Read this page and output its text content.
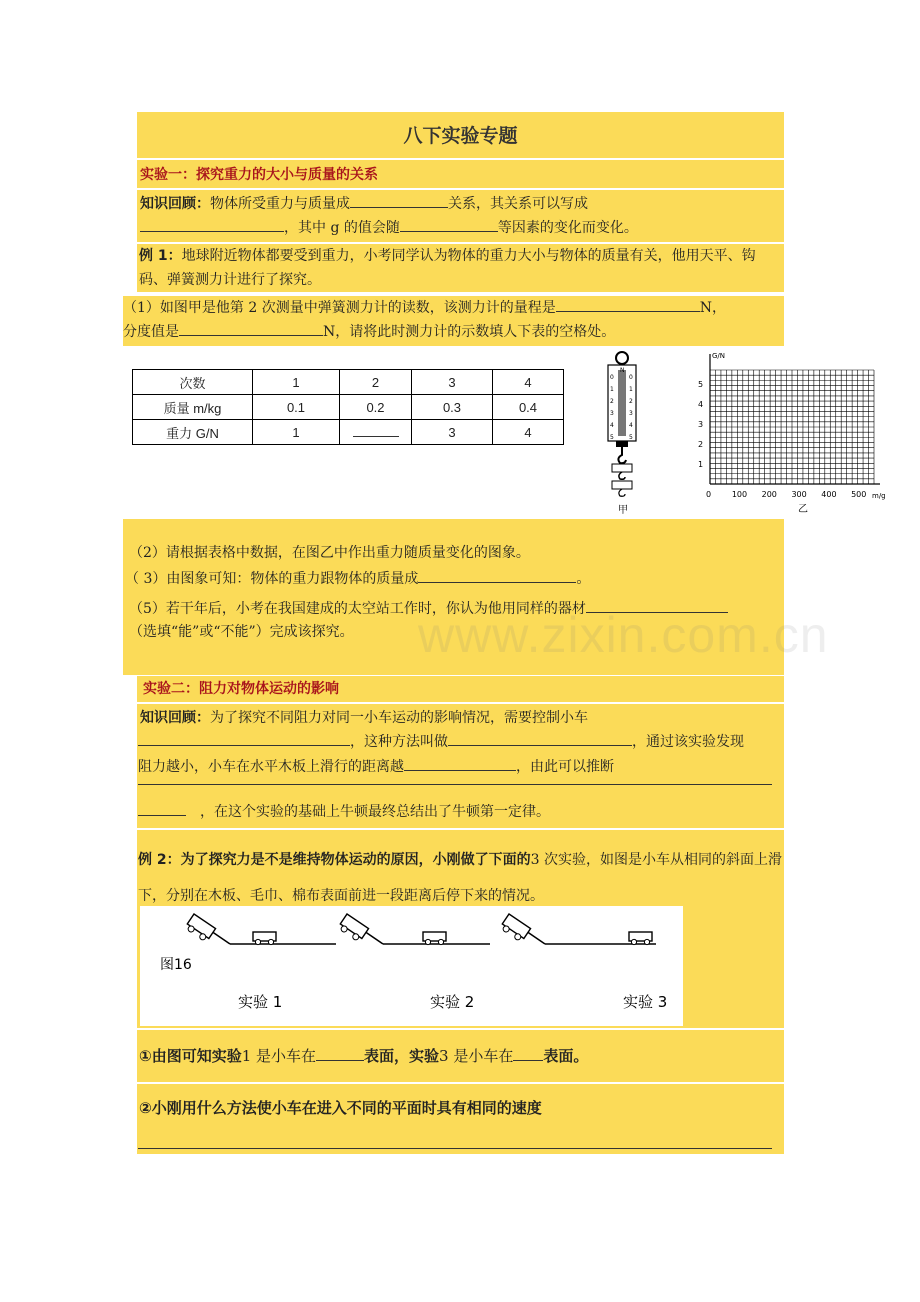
八下实验专题
实验一：探究重力的大小与质量的关系
知识回顾：物体所受重力与质量成	关系，其关系可以写成
，其中 g 的值会随	等因素的变化而变化。
例 1：地球附近物体都要受到重力，小考同学认为物体的重力大小与物体的质量有关，他用天平、钩码、弹簧测力计进行了探究。
（1）如图甲是他第 2 次测量中弹簧测力计的读数，该测力计的量程是	N，
分度值是	N，请将此时测力计的示数填人下表的空格处。
次数	1	2	3	4
质量 m/kg	0.1	0.2	0.3	0.4
重力 G/N	1		3	4
N
0
1
2
3
4
5
0
1
2
3
4
5
甲
G/N
1
2
3
4
5
0	100 200 300 400 500 m/g
乙
（2）请根据表格中数据，在图乙中作出重力随质量变化的图象。
（ 3）由图象可知：物体的重力跟物体的质量成	。
（5）若干年后，小考在我国建成的太空站工作时，你认为他用同样的器材
（选填“能”或“不能”）完成该探究。
实验二：阻力对物体运动的影响
知识回顾：为了探究不同阻力对同一小车运动的影响情况，需要控制小车
，这种方法叫做	，通过该实验发现
阻力越小，小车在水平木板上滑行的距离越	，由此可以推断
，在这个实验的基础上牛顿最终总结出了牛顿第一定律。
例 2：为了探究力是不是维持物体运动的原因，小刚做了下面的3 次实验，如图是小车从相同的斜面上滑下，分别在木板、毛巾、棉布表面前进一段距离后停下来的情况。
图16
实验 1	实验 2	实验 3
①由图可知实验1 是小车在	表面，实验3 是小车在 表面。
②小刚用什么方法使小车在进入不同的平面时具有相同的速度
www.zixin.com.cn
